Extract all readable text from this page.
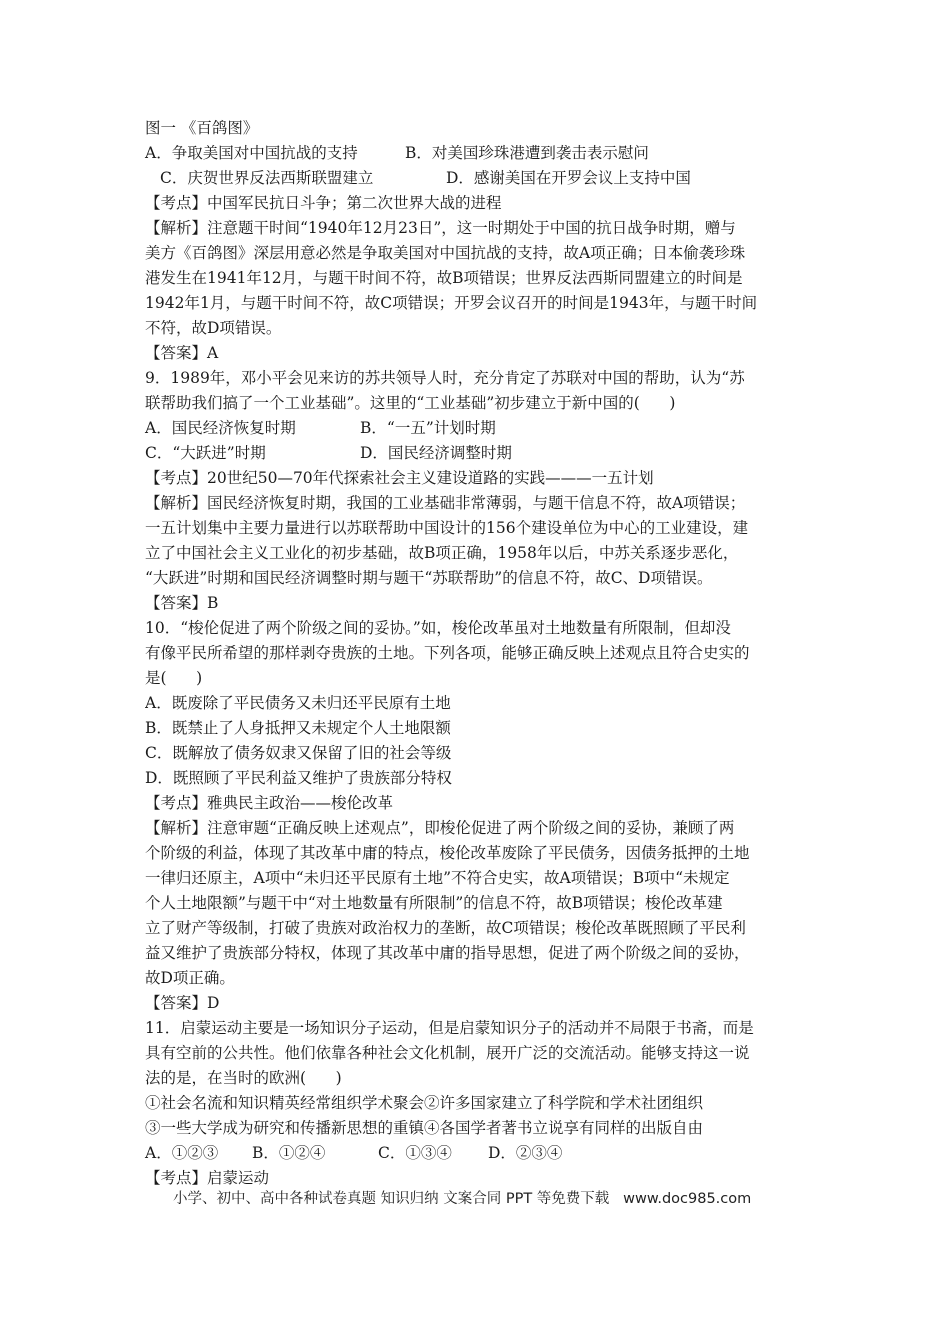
图一 《百鸽图》
A．争取美国对中国抗战的支持	B．对美国珍珠港遭到袭击表示慰问
C．庆贺世界反法西斯联盟建立	D．感谢美国在开罗会议上支持中国
【考点】中国军民抗日斗争；第二次世界大战的进程
【解析】注意题干时间“1940年12月23日”，这一时期处于中国的抗日战争时期，赠与
美方《百鸽图》深层用意必然是争取美国对中国抗战的支持，故A项正确；日本偷袭珍珠
港发生在1941年12月，与题干时间不符，故B项错误；世界反法西斯同盟建立的时间是
1942年1月，与题干时间不符，故C项错误；开罗会议召开的时间是1943年，与题干时间
不符，故D项错误。
【答案】A
9．1989年，邓小平会见来访的苏共领导人时，充分肯定了苏联对中国的帮助，认为“苏
联帮助我们搞了一个工业基础”。这里的“工业基础”初步建立于新中国的(      )
A．国民经济恢复时期	B．“一五”计划时期
C．“大跃进”时期	D．国民经济调整时期
【考点】20世纪50—70年代探索社会主义建设道路的实践———一五计划
【解析】国民经济恢复时期，我国的工业基础非常薄弱，与题干信息不符，故A项错误；
一五计划集中主要力量进行以苏联帮助中国设计的156个建设单位为中心的工业建设，建
立了中国社会主义工业化的初步基础，故B项正确，1958年以后，中苏关系逐步恶化，
“大跃进”时期和国民经济调整时期与题干“苏联帮助”的信息不符，故C、D项错误。
【答案】B
10．“梭伦促进了两个阶级之间的妥协。”如，梭伦改革虽对土地数量有所限制，但却没
有像平民所希望的那样剥夺贵族的土地。下列各项，能够正确反映上述观点且符合史实的
是(      )
A．既废除了平民债务又未归还平民原有土地
B．既禁止了人身抵押又未规定个人土地限额
C．既解放了债务奴隶又保留了旧的社会等级
D．既照顾了平民利益又维护了贵族部分特权
【考点】雅典民主政治——梭伦改革
【解析】注意审题“正确反映上述观点”，即梭伦促进了两个阶级之间的妥协，兼顾了两
个阶级的利益，体现了其改革中庸的特点，梭伦改革废除了平民债务，因债务抵押的土地
一律归还原主，A项中“未归还平民原有土地”不符合史实，故A项错误；B项中“未规定
个人土地限额”与题干中“对土地数量有所限制”的信息不符，故B项错误；梭伦改革建
立了财产等级制，打破了贵族对政治权力的垄断，故C项错误；梭伦改革既照顾了平民利
益又维护了贵族部分特权，体现了其改革中庸的指导思想，促进了两个阶级之间的妥协，
故D项正确。
【答案】D
11．启蒙运动主要是一场知识分子运动，但是启蒙知识分子的活动并不局限于书斋，而是
具有空前的公共性。他们依靠各种社会文化机制，展开广泛的交流活动。能够支持这一说
法的是，在当时的欧洲(      )
①社会名流和知识精英经常组织学术聚会②许多国家建立了科学院和学术社团组织
③一些大学成为研究和传播新思想的重镇④各国学者著书立说享有同样的出版自由
A．①②③ B．①②④	C．①③④ D．②③④
【考点】启蒙运动
小学、初中、高中各种试卷真题 知识归纳 文案合同 PPT 等免费下载   www.doc985.com
